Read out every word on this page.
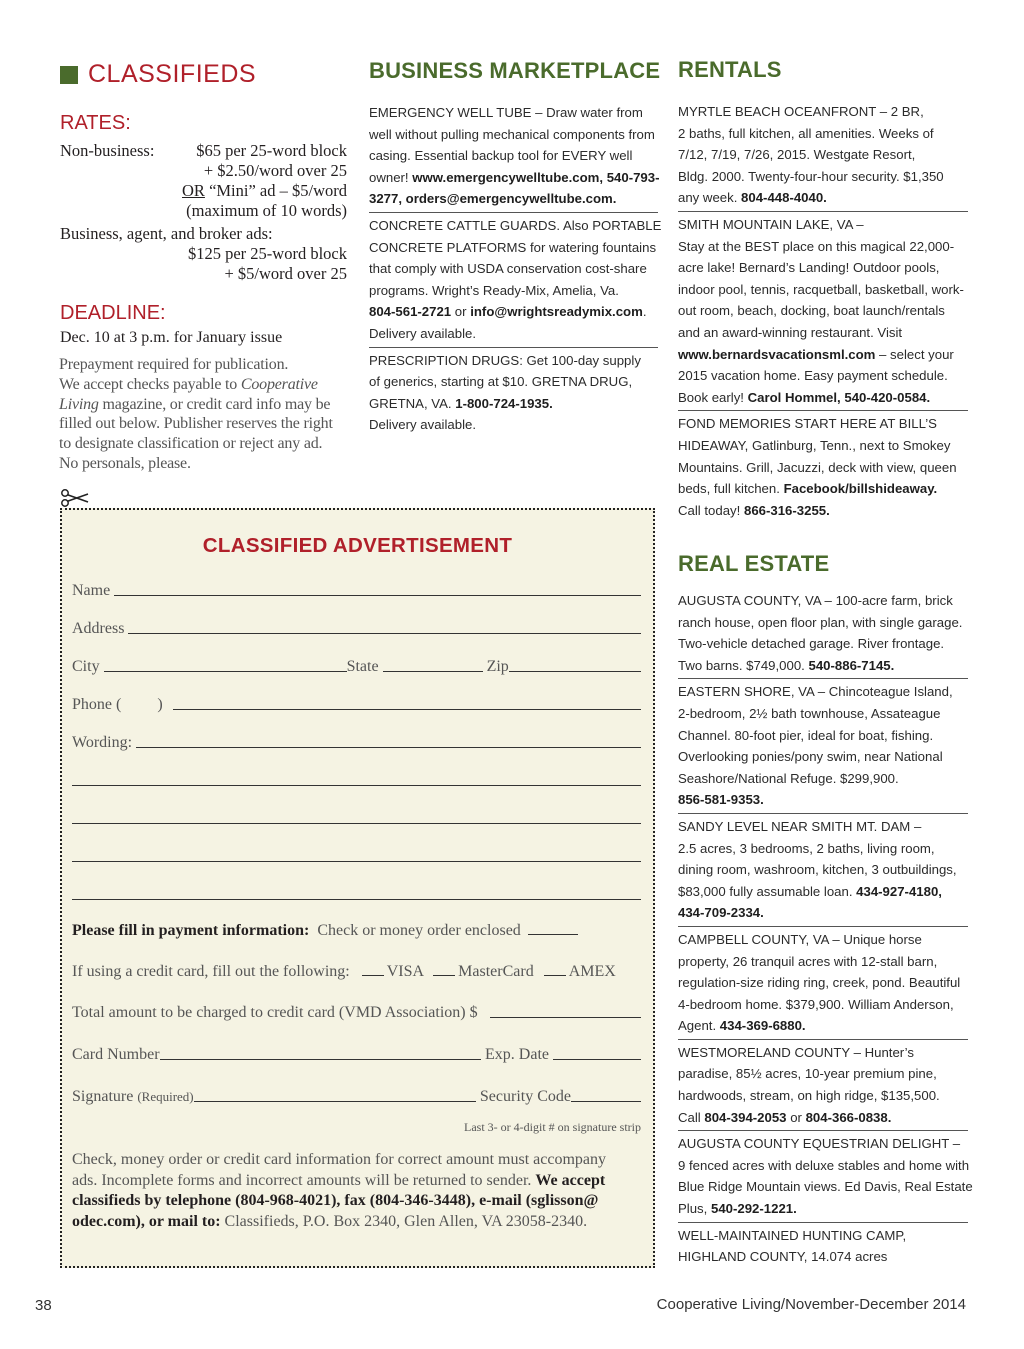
CLASSIFIEDS
RATES:
Non-business:	$65 per 25-word block
+ $2.50/word over 25
OR “Mini” ad – $5/word
(maximum of 10 words)
Business, agent, and broker ads:
$125 per 25-word block
+ $5/word over 25
DEADLINE:
Dec. 10 at 3 p.m. for January issue
Prepayment required for publication.
We accept checks payable to Cooperative
Living magazine, or credit card info may be
filled out below. Publisher reserves the right
to designate classification or reject any ad.
No personals, please.
CLASSIFIED ADVERTISEMENT
Name
Address
City	State	Zip
Phone ( )
Wording:
Please fill in payment information: Check or money order enclosed
If using a credit card, fill out the following: VISA MasterCard AMEX
Total amount to be charged to credit card (VMD Association) $
Card Number	Exp. Date
Signature (Required)	Security Code
Last 3- or 4-digit # on signature strip
Check, money order or credit card information for correct amount must accompany
ads. Incomplete forms and incorrect amounts will be returned to sender. We accept
classifieds by telephone (804-968-4021), fax (804-346-3448), e-mail (sglisson@
odec.com), or mail to: Classifieds, P.O. Box 2340, Glen Allen, VA 23058-2340.
BUSINESS MARKETPLACE
EMERGENCY WELL TUBE – Draw water from
well without pulling mechanical components from
casing. Essential backup tool for EVERY well
owner! www.emergencywelltube.com, 540-793-
3277, orders@emergencywelltube.com.
CONCRETE CATTLE GUARDS. Also PORTABLE
CONCRETE PLATFORMS for watering fountains
that comply with USDA conservation cost-share
programs. Wright’s Ready-Mix, Amelia, Va.
804-561-2721 or info@wrightsreadymix.com.
Delivery available.
PRESCRIPTION DRUGS: Get 100-day supply
of generics, starting at $10. GRETNA DRUG,
GRETNA, VA. 1-800-724-1935.
Delivery available.
RENTALS
MYRTLE BEACH OCEANFRONT – 2 BR,
2 baths, full kitchen, all amenities. Weeks of
7/12, 7/19, 7/26, 2015. Westgate Resort,
Bldg. 2000. Twenty-four-hour security. $1,350
any week. 804-448-4040.
SMITH MOUNTAIN LAKE, VA –
Stay at the BEST place on this magical 22,000-
acre lake! Bernard’s Landing! Outdoor pools,
indoor pool, tennis, racquetball, basketball, work-
out room, beach, docking, boat launch/rentals
and an award-winning restaurant. Visit
www.bernardsvacationsml.com – select your
2015 vacation home. Easy payment schedule.
Book early! Carol Hommel, 540-420-0584.
FOND MEMORIES START HERE AT BILL’S
HIDEAWAY, Gatlinburg, Tenn., next to Smokey
Mountains. Grill, Jacuzzi, deck with view, queen
beds, full kitchen. Facebook/billshideaway.
Call today! 866-316-3255.
REAL ESTATE
AUGUSTA COUNTY, VA – 100-acre farm, brick
ranch house, open floor plan, with single garage.
Two-vehicle detached garage. River frontage.
Two barns. $749,000. 540-886-7145.
EASTERN SHORE, VA – Chincoteague Island,
2-bedroom, 2½ bath townhouse, Assateague
Channel. 80-foot pier, ideal for boat, fishing.
Overlooking ponies/pony swim, near National
Seashore/National Refuge. $299,900.
856-581-9353.
SANDY LEVEL NEAR SMITH MT. DAM –
2.5 acres, 3 bedrooms, 2 baths, living room,
dining room, washroom, kitchen, 3 outbuildings,
$83,000 fully assumable loan. 434-927-4180,
434-709-2334.
CAMPBELL COUNTY, VA – Unique horse
property, 26 tranquil acres with 12-stall barn,
regulation-size riding ring, creek, pond. Beautiful
4-bedroom home. $379,900. William Anderson,
Agent. 434-369-6880.
WESTMORELAND COUNTY – Hunter’s
paradise, 85½ acres, 10-year premium pine,
hardwoods, stream, on high ridge, $135,500.
Call 804-394-2053 or 804-366-0838.
AUGUSTA COUNTY EQUESTRIAN DELIGHT –
9 fenced acres with deluxe stables and home with
Blue Ridge Mountain views. Ed Davis, Real Estate
Plus, 540-292-1221.
WELL-MAINTAINED HUNTING CAMP,
HIGHLAND COUNTY, 14.074 acres
38	Cooperative Living/November-December 2014
